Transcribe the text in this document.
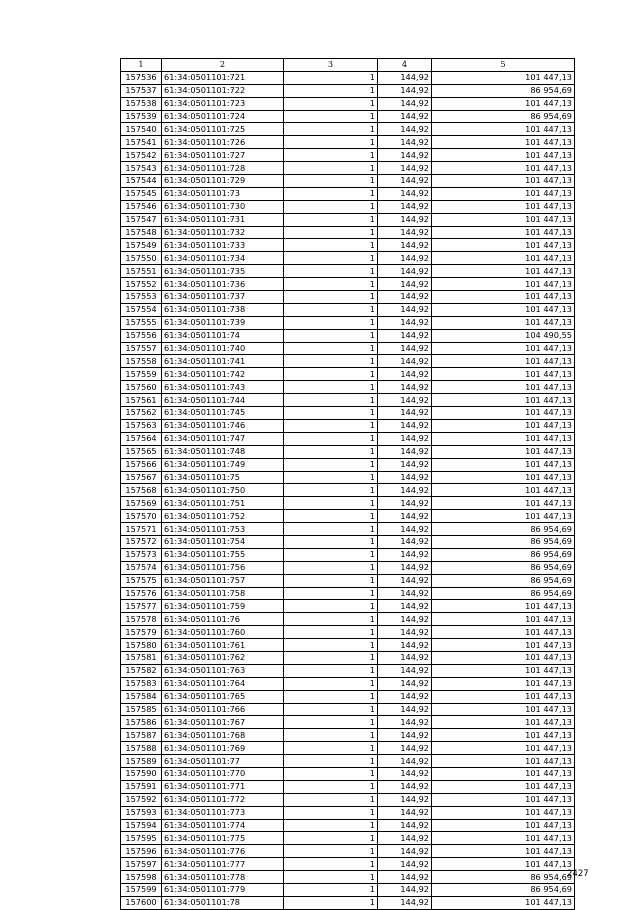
1	2	3	4	5
157536	61:34:0501101:721	1	144,92	101 447,13
157537	61:34:0501101:722	1	144,92	86 954,69
157538	61:34:0501101:723	1	144,92	101 447,13
157539	61:34:0501101:724	1	144,92	86 954,69
157540	61:34:0501101:725	1	144,92	101 447,13
157541	61:34:0501101:726	1	144,92	101 447,13
157542	61:34:0501101:727	1	144,92	101 447,13
157543	61:34:0501101:728	1	144,92	101 447,13
157544	61:34:0501101:729	1	144,92	101 447,13
157545	61:34:0501101:73	1	144,92	101 447,13
157546	61:34:0501101:730	1	144,92	101 447,13
157547	61:34:0501101:731	1	144,92	101 447,13
157548	61:34:0501101:732	1	144,92	101 447,13
157549	61:34:0501101:733	1	144,92	101 447,13
157550	61:34:0501101:734	1	144,92	101 447,13
157551	61:34:0501101:735	1	144,92	101 447,13
157552	61:34:0501101:736	1	144,92	101 447,13
157553	61:34:0501101:737	1	144,92	101 447,13
157554	61:34:0501101:738	1	144,92	101 447,13
157555	61:34:0501101:739	1	144,92	101 447,13
157556	61:34:0501101:74	1	144,92	104 490,55
157557	61:34:0501101:740	1	144,92	101 447,13
157558	61:34:0501101:741	1	144,92	101 447,13
157559	61:34:0501101:742	1	144,92	101 447,13
157560	61:34:0501101:743	1	144,92	101 447,13
157561	61:34:0501101:744	1	144,92	101 447,13
157562	61:34:0501101:745	1	144,92	101 447,13
157563	61:34:0501101:746	1	144,92	101 447,13
157564	61:34:0501101:747	1	144,92	101 447,13
157565	61:34:0501101:748	1	144,92	101 447,13
157566	61:34:0501101:749	1	144,92	101 447,13
157567	61:34:0501101:75	1	144,92	101 447,13
157568	61:34:0501101:750	1	144,92	101 447,13
157569	61:34:0501101:751	1	144,92	101 447,13
157570	61:34:0501101:752	1	144,92	101 447,13
157571	61:34:0501101:753	1	144,92	86 954,69
157572	61:34:0501101:754	1	144,92	86 954,69
157573	61:34:0501101:755	1	144,92	86 954,69
157574	61:34:0501101:756	1	144,92	86 954,69
157575	61:34:0501101:757	1	144,92	86 954,69
157576	61:34:0501101:758	1	144,92	86 954,69
157577	61:34:0501101:759	1	144,92	101 447,13
157578	61:34:0501101:76	1	144,92	101 447,13
157579	61:34:0501101:760	1	144,92	101 447,13
157580	61:34:0501101:761	1	144,92	101 447,13
157581	61:34:0501101:762	1	144,92	101 447,13
157582	61:34:0501101:763	1	144,92	101 447,13
157583	61:34:0501101:764	1	144,92	101 447,13
157584	61:34:0501101:765	1	144,92	101 447,13
157585	61:34:0501101:766	1	144,92	101 447,13
157586	61:34:0501101:767	1	144,92	101 447,13
157587	61:34:0501101:768	1	144,92	101 447,13
157588	61:34:0501101:769	1	144,92	101 447,13
157589	61:34:0501101:77	1	144,92	101 447,13
157590	61:34:0501101:770	1	144,92	101 447,13
157591	61:34:0501101:771	1	144,92	101 447,13
157592	61:34:0501101:772	1	144,92	101 447,13
157593	61:34:0501101:773	1	144,92	101 447,13
157594	61:34:0501101:774	1	144,92	101 447,13
157595	61:34:0501101:775	1	144,92	101 447,13
157596	61:34:0501101:776	1	144,92	101 447,13
157597	61:34:0501101:777	1	144,92	101 447,13
157598	61:34:0501101:778	1	144,92	86 954,69
157599	61:34:0501101:779	1	144,92	86 954,69
157600	61:34:0501101:78	1	144,92	101 447,13
2427
